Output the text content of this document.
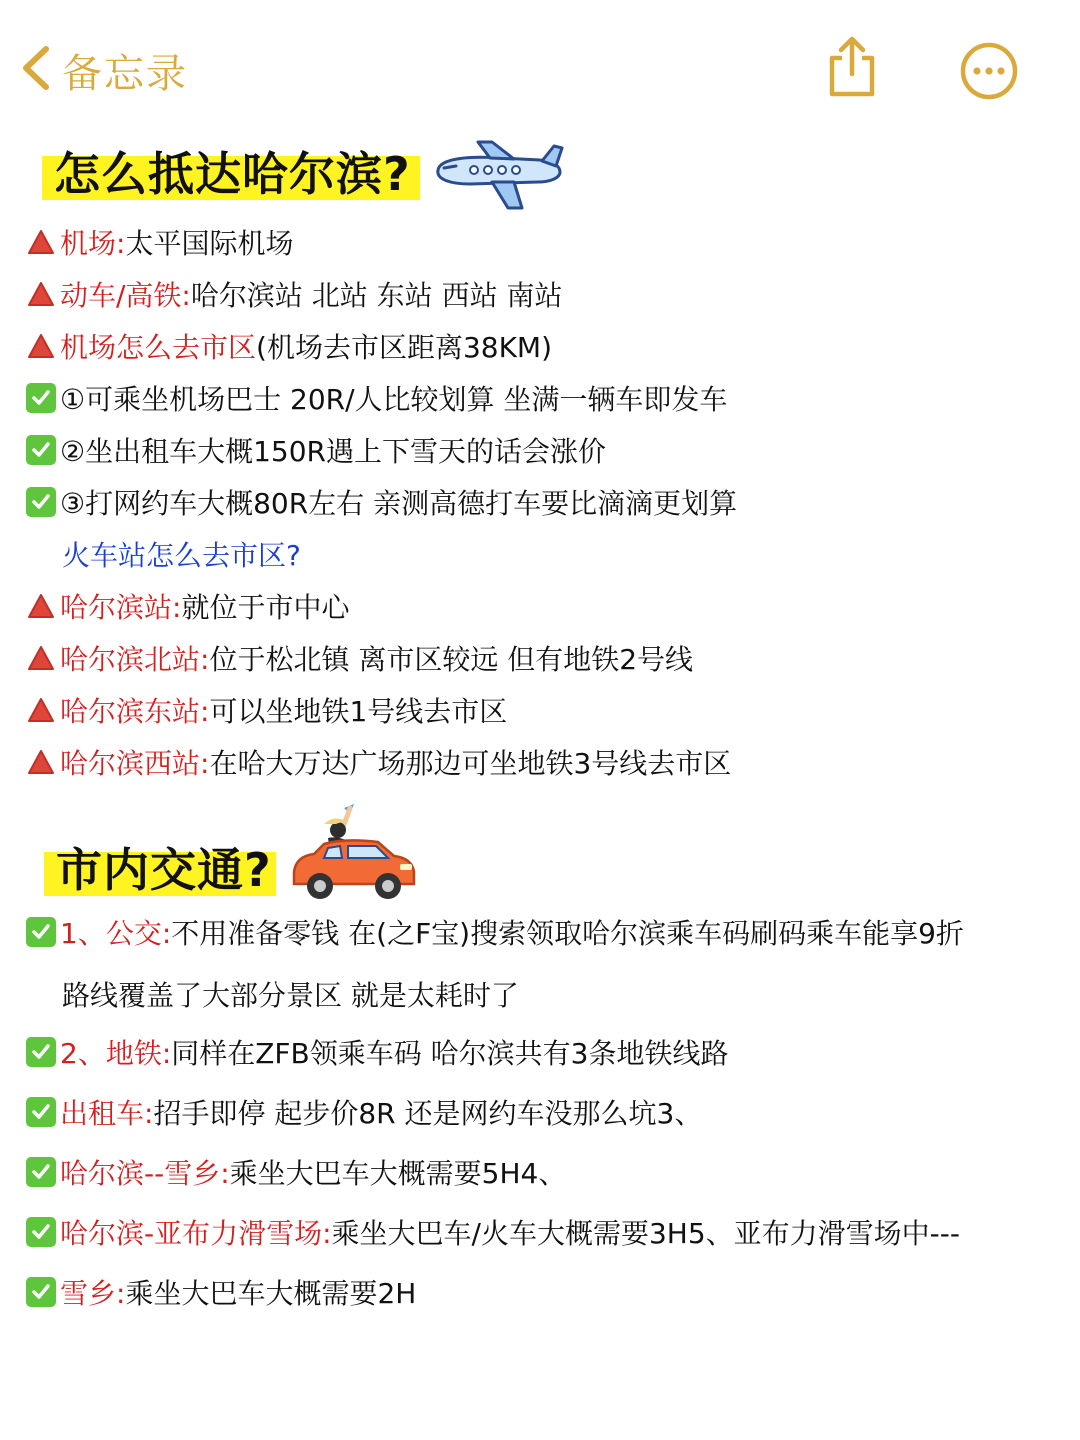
备忘录
怎么抵达哈尔滨?
机场: 太平国际机场
动车/高铁: 哈尔滨站 北站 东站 西站 南站
机场怎么去市区 (机场去市区距离38KM)
①可乘坐机场巴士 20R/人比较划算 坐满一辆车即发车
②坐出租车大概150R遇上下雪天的话会涨价
③打网约车大概80R左右 亲测高德打车要比滴滴更划算
火车站怎么去市区?
哈尔滨站: 就位于市中心
哈尔滨北站: 位于松北镇 离市区较远 但有地铁2号线
哈尔滨东站: 可以坐地铁1号线去市区
哈尔滨西站: 在哈大万达广场那边可坐地铁3号线去市区
市内交通?
1、公交: 不用准备零钱 在(之F宝)搜索领取哈尔滨乘车码刷码乘车能享9折
路线覆盖了大部分景区 就是太耗时了
2、地铁: 同样在ZFB领乘车码 哈尔滨共有3条地铁线路
出租车: 招手即停 起步价8R 还是网约车没那么坑3、
哈尔滨--雪乡: 乘坐大巴车大概需要5H4、
哈尔滨-亚布力滑雪场: 乘坐大巴车/火车大概需要3H5、亚布力滑雪场中---
雪乡: 乘坐大巴车大概需要2H
